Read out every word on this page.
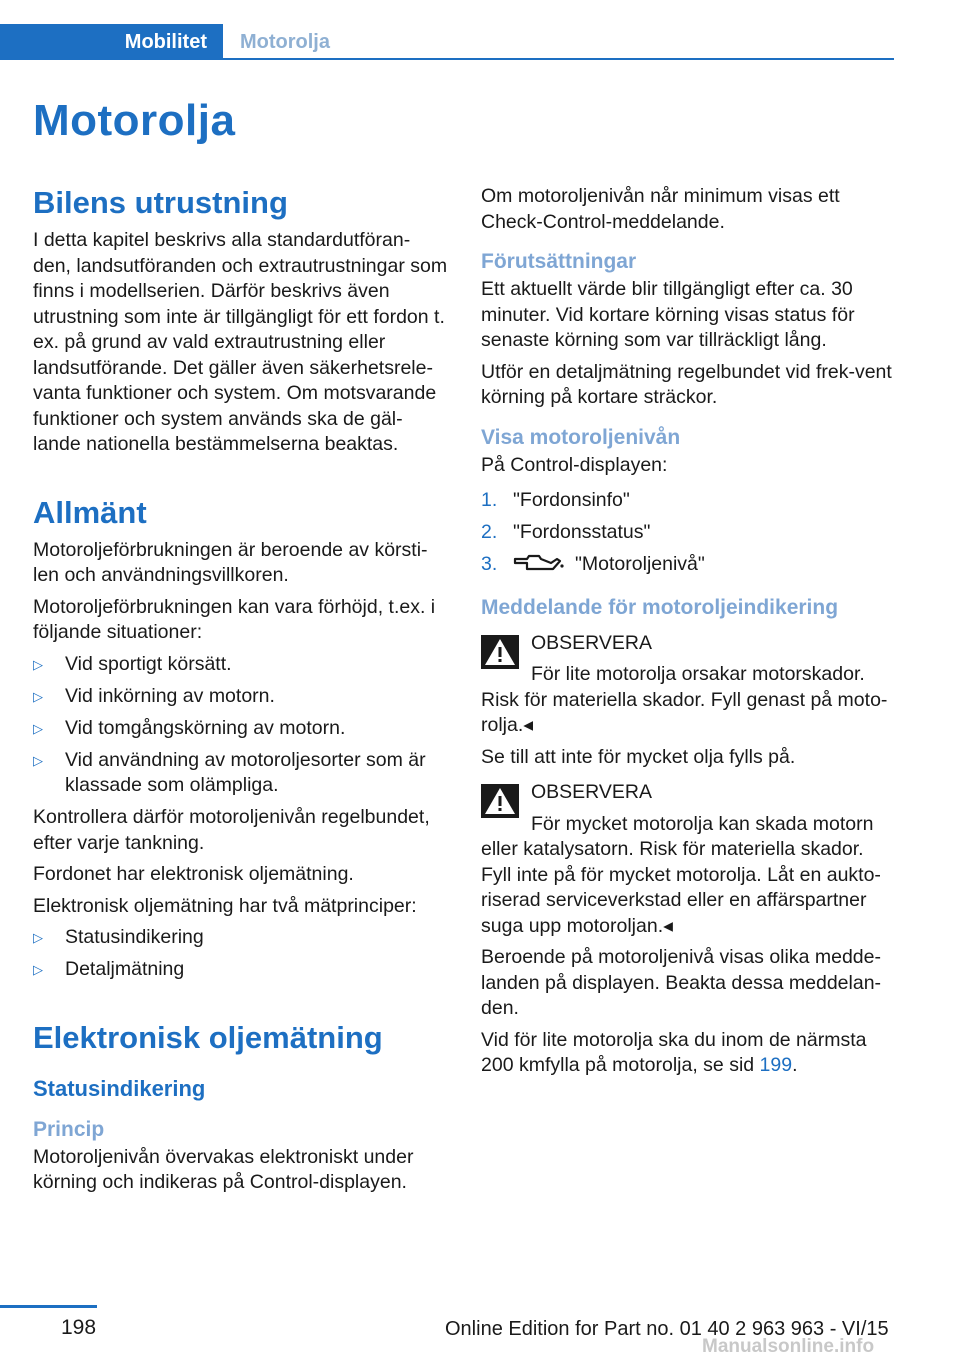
Mobilitet	Motorolja
Motorolja
Bilens utrustning

I detta kapitel beskrivs alla standardutföran-den, landsutföranden och extrautrustningar som finns i modellserien. Därför beskrivs även utrustning som inte är tillgängligt för ett fordon t. ex. på grund av vald extrautrustning eller landsutförande. Det gäller även säkerhetsrele-vanta funktioner och system. Om motsvarande funktioner och system används ska de gäl-lande nationella bestämmelserna beaktas.

Allmänt

Motoroljeförbrukningen är beroende av körsti-len och användningsvillkoren.

Motoroljeförbrukningen kan vara förhöjd, t.ex. i följande situationer:

▷ Vid sportigt körsätt.
▷ Vid inkörning av motorn.
▷ Vid tomgångskörning av motorn.
▷ Vid användning av motoroljesorter som är klassade som olämpliga.

Kontrollera därför motoroljenivån regelbundet, efter varje tankning.

Fordonet har elektronisk oljemätning.

Elektronisk oljemätning har två mätprinciper:

▷ Statusindikering
▷ Detaljmätning
Elektronisk oljemätning
Statusindikering
Princip

Motoroljenivån övervakas elektroniskt under körning och indikeras på Control-displayen.

Om motoroljenivån når minimum visas ett Check-Control-meddelande.

Förutsättningar

Ett aktuellt värde blir tillgängligt efter ca. 30 minuter. Vid kortare körning visas status för senaste körning som var tillräckligt lång.

Utför en detaljmätning regelbundet vid frek-vent körning på kortare sträckor.

Visa motoroljenivån

På Control-displayen:

1. "Fordonsinfo"
2. "Fordonsstatus"
3.	"Motoroljenivå"
Meddelande för motoroljeindikering

OBSERVERA

För lite motorolja orsakar motorskador. Risk för materiella skador. Fyll genast på moto-rolja.◂

Se till att inte för mycket olja fylls på.

OBSERVERA

För mycket motorolja kan skada motorn eller katalysatorn. Risk för materiella skador. Fyll inte på för mycket motorolja. Låt en aukto-riserad serviceverkstad eller en affärspartner suga upp motoroljan.◂

Beroende på motoroljenivå visas olika medde-landen på displayen. Beakta dessa meddelan-den.

Vid för lite motorolja ska du inom de närmsta 200 kmfylla på motorolja, se sid 199.

198	Online Edition for Part no. 01 40 2 963 963 - VI/15
Manualsonline.info
